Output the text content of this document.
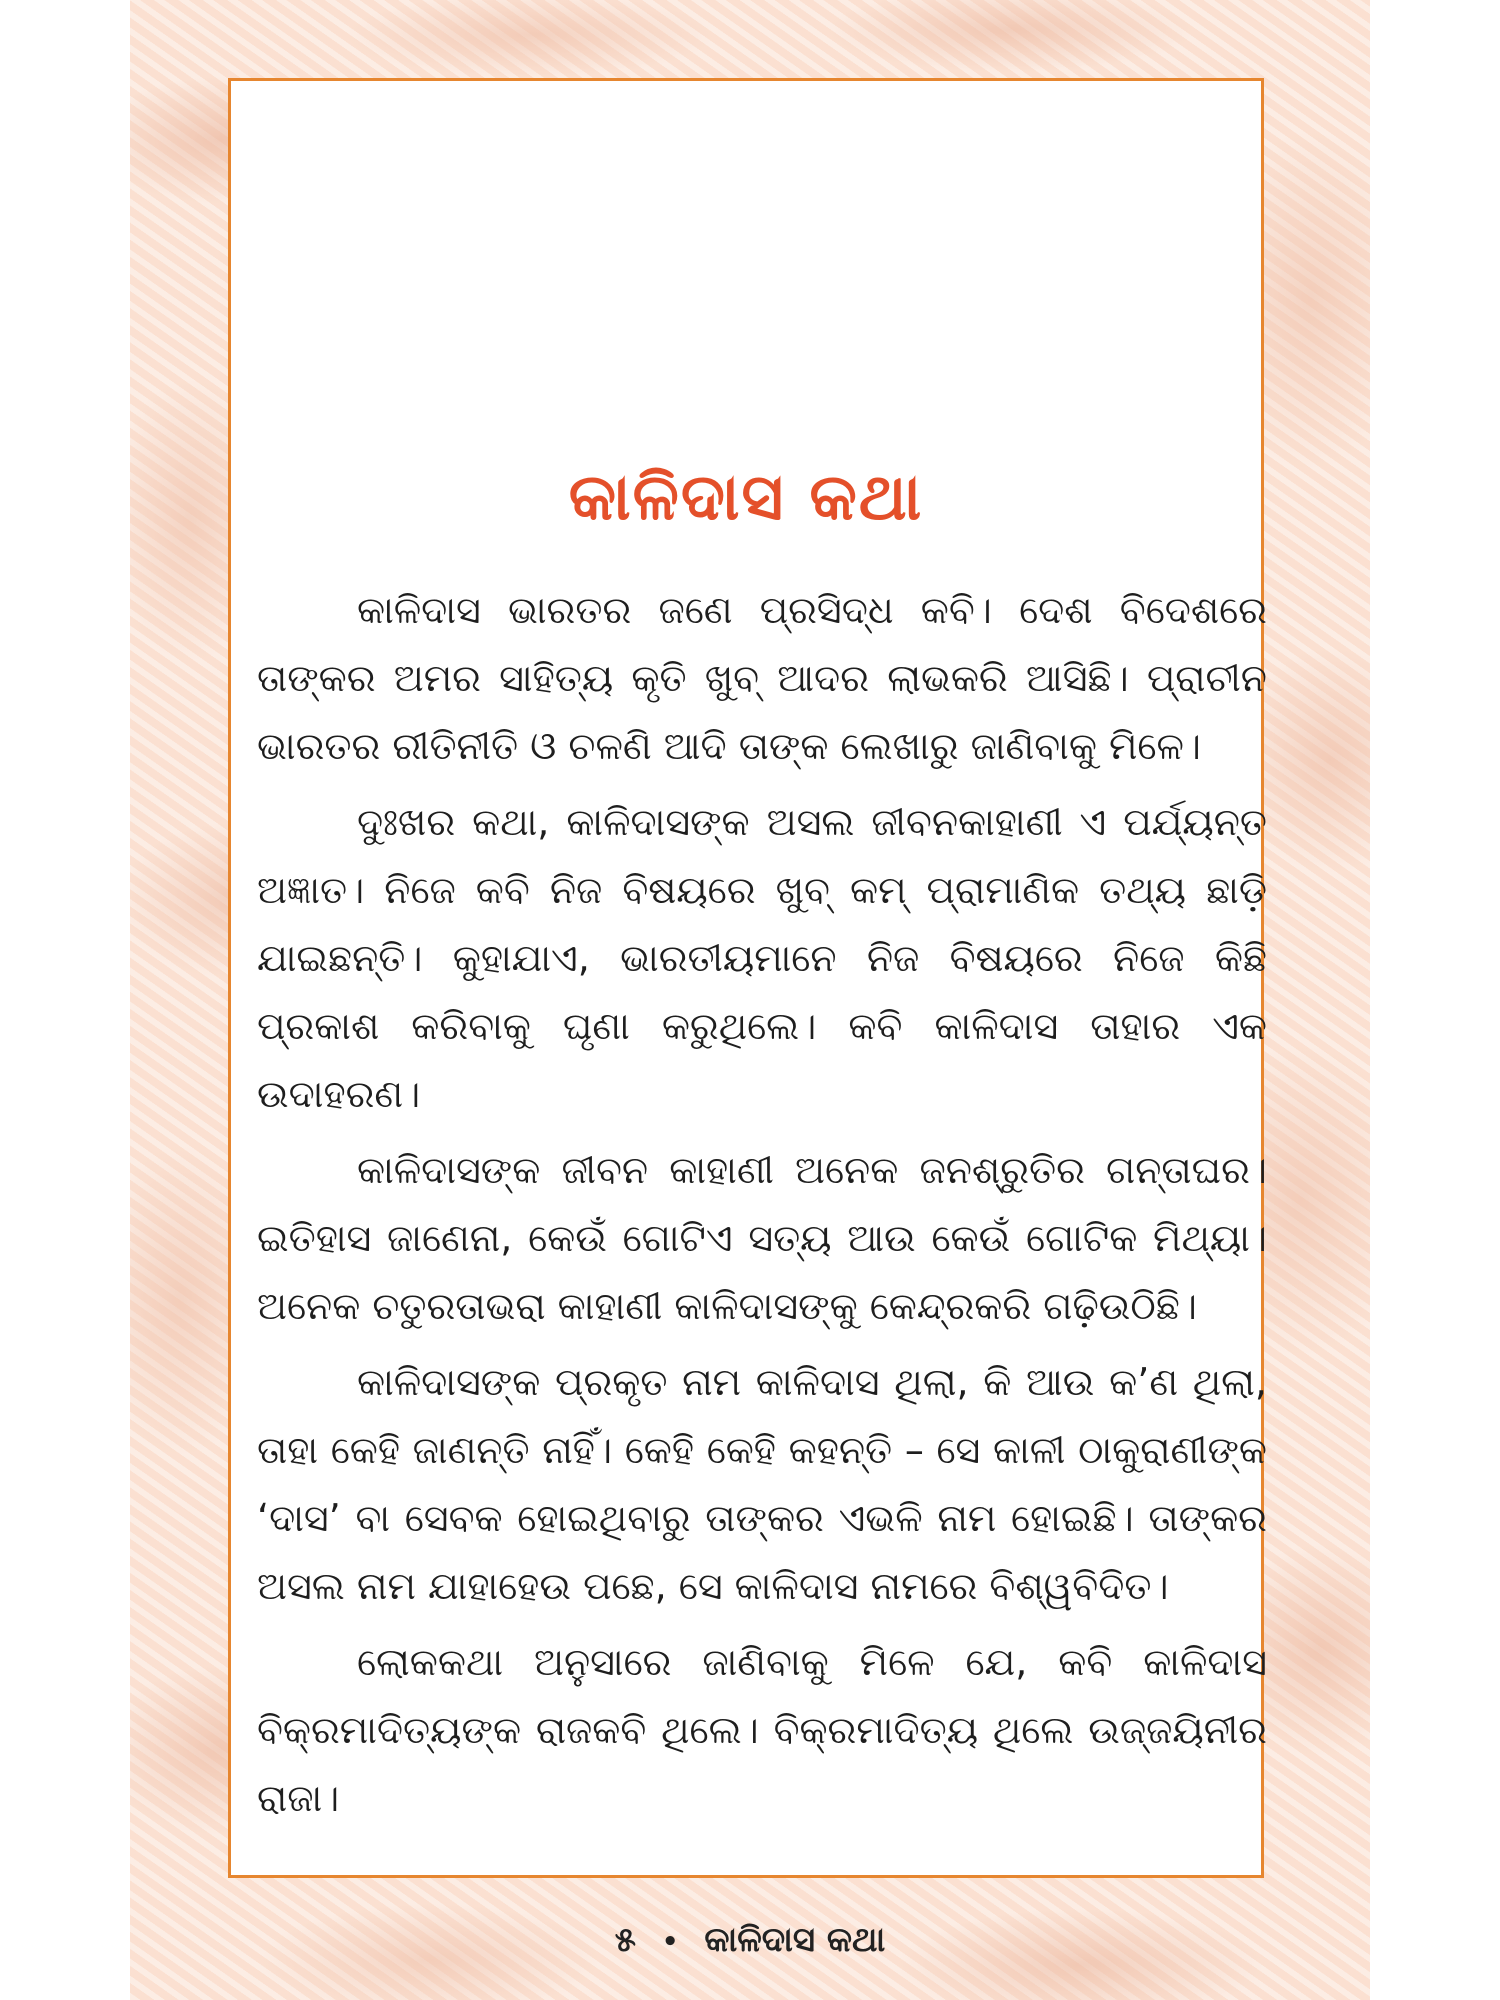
କାଳିଦାସ କଥା

କାଳିଦାସ ଭାରତର ଜଣେ ପ୍ରସିଦ୍ଧ କବି। ଦେଶ ବିଦେଶରେ ତାଙ୍କର ଅମର ସାହିତ୍ୟ କୃତି ଖୁବ୍ ଆଦର ଲାଭକରି ଆସିଛି। ପ୍ରାଚୀନ ଭାରତର ରୀତିନୀତି ଓ ଚଳଣି ଆଦି ତାଙ୍କ ଲେଖାରୁ ଜାଣିବାକୁ ମିଳେ।

ଦୁଃଖର କଥା, କାଳିଦାସଙ୍କ ଅସଲ ଜୀବନକାହାଣୀ ଏ ପର୍ଯ୍ୟନ୍ତ ଅଜ୍ଞାତ। ନିଜେ କବି ନିଜ ବିଷୟରେ ଖୁବ୍ କମ୍ ପ୍ରାମାଣିକ ତଥ୍ୟ ଛାଡ଼ି ଯାଇଛନ୍ତି। କୁହାଯାଏ, ଭାରତୀୟମାନେ ନିଜ ବିଷୟରେ ନିଜେ କିଛି ପ୍ରକାଶ କରିବାକୁ ଘୃଣା କରୁଥିଲେ। କବି କାଳିଦାସ ତାହାର ଏକ ଉଦାହରଣ।

କାଳିଦାସଙ୍କ ଜୀବନ କାହାଣୀ ଅନେକ ଜନଶ୍ରୁତିର ଗନ୍ତାଘର। ଇତିହାସ ଜାଣେନା, କେଉଁ ଗୋଟିଏ ସତ୍ୟ ଆଉ କେଉଁ ଗୋଟିକ ମିଥ୍ୟା। ଅନେକ ଚତୁରତାଭରା କାହାଣୀ କାଳିଦାସଙ୍କୁ କେନ୍ଦ୍ରକରି ଗଢ଼ିଉଠିଛି।

କାଳିଦାସଙ୍କ ପ୍ରକୃତ ନାମ କାଳିଦାସ ଥିଲା, କି ଆଉ କ’ଣ ଥିଲା, ତାହା କେହି ଜାଣନ୍ତି ନାହିଁ। କେହି କେହି କହନ୍ତି – ସେ କାଳୀ ଠାକୁରାଣୀଙ୍କ ‘ଦାସ’ ବା ସେବକ ହୋଇଥିବାରୁ ତାଙ୍କର ଏଭଳି ନାମ ହୋଇଛି। ତାଙ୍କର ଅସଲ ନାମ ଯାହାହେଉ ପଛେ, ସେ କାଳିଦାସ ନାମରେ ବିଶ୍ୱବିଦିତ।

ଲୋକକଥା ଅନୁସାରେ ଜାଣିବାକୁ ମିଳେ ଯେ, କବି କାଳିଦାସ ବିକ୍ରମାଦିତ୍ୟଙ୍କ ରାଜକବି ଥିଲେ। ବିକ୍ରମାଦିତ୍ୟ ଥିଲେ ଉଜ୍ଜୟିନୀର ରାଜା।

୫ • କାଳିଦାସ କଥା
